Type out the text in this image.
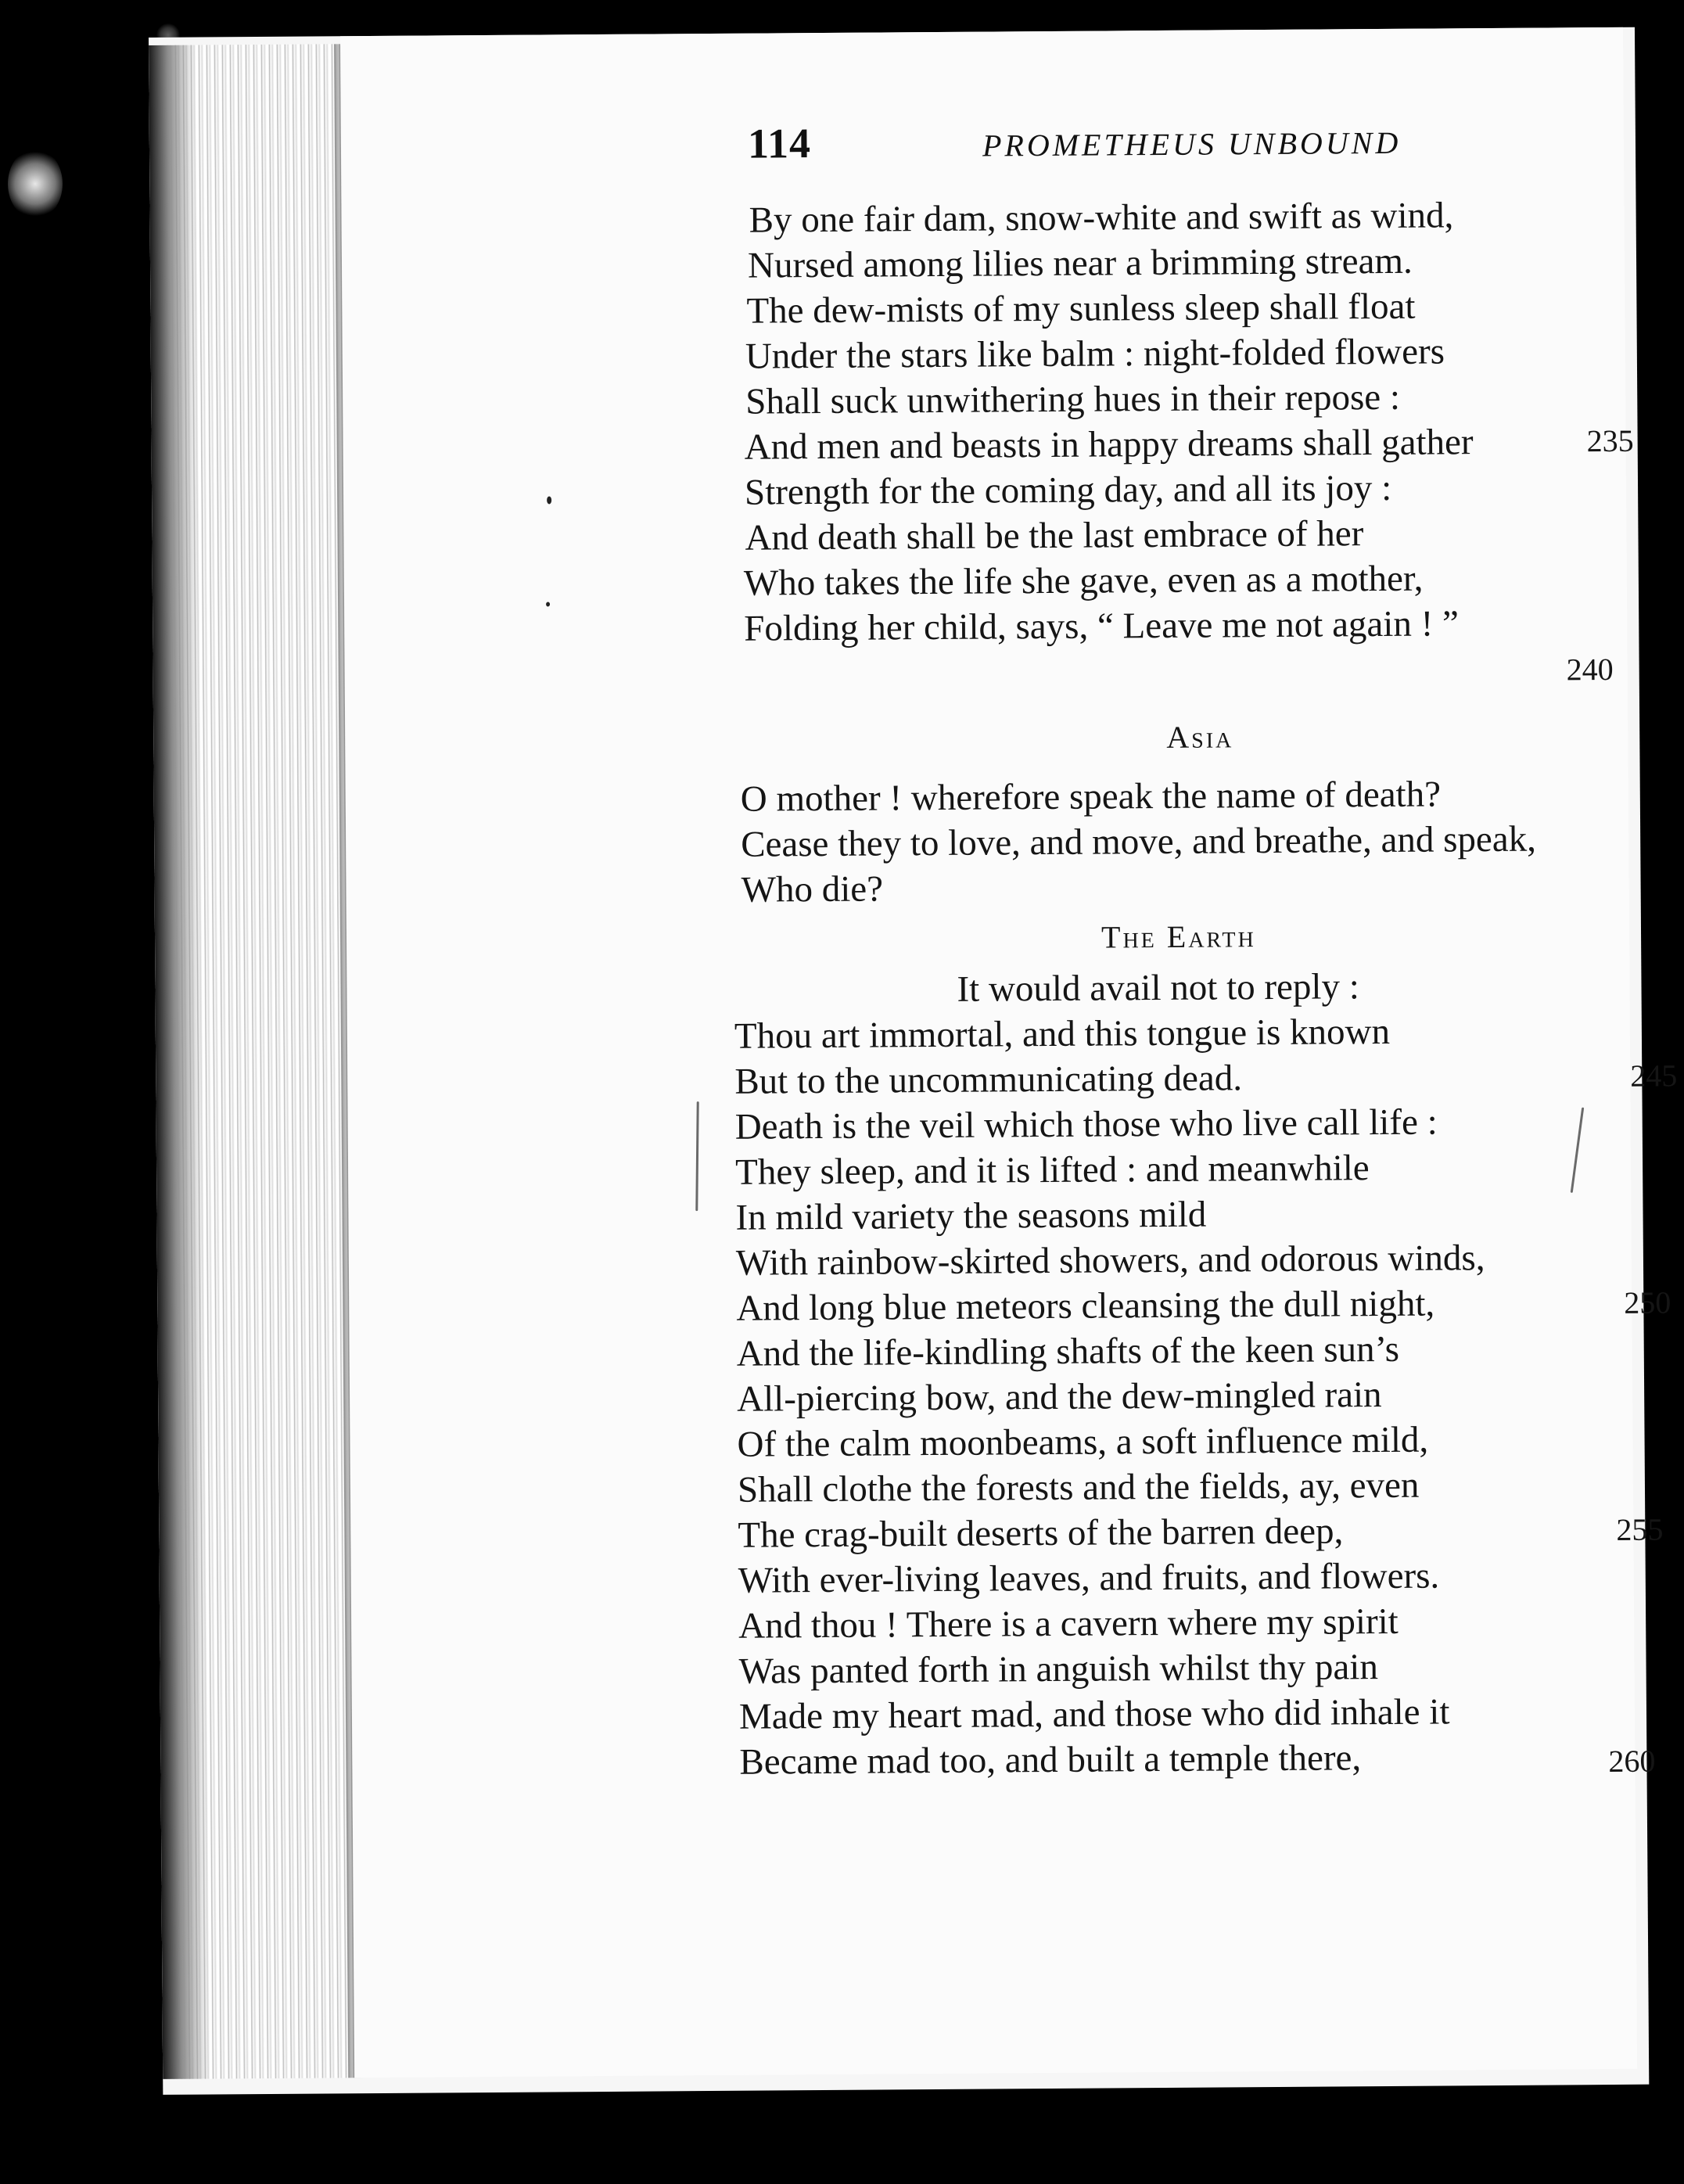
114	PROMETHEUS UNBOUND
By one fair dam, snow-white and swift as wind,
Nursed among lilies near a brimming stream.
The dew-mists of my sunless sleep shall float
Under the stars like balm : night-folded flowers
Shall suck unwithering hues in their repose :
And men and beasts in happy dreams shall gather
Strength for the coming day, and all its joy :
And death shall be the last embrace of her
Who takes the life she gave, even as a mother,
Folding her child, says, “ Leave me not again ! ”
235
240
Asia
O mother ! wherefore speak the name of death?
Cease they to love, and move, and breathe, and speak,
Who die?
The Earth
It would avail not to reply :
Thou art immortal, and this tongue is known
But to the uncommunicating dead.
Death is the veil which those who live call life :
They sleep, and it is lifted : and meanwhile
In mild variety the seasons mild
With rainbow-skirted showers, and odorous winds,
And long blue meteors cleansing the dull night,
And the life-kindling shafts of the keen sun’s
All-piercing bow, and the dew-mingled rain
Of the calm moonbeams, a soft influence mild,
Shall clothe the forests and the fields, ay, even
The crag-built deserts of the barren deep,
With ever-living leaves, and fruits, and flowers.
And thou ! There is a cavern where my spirit
Was panted forth in anguish whilst thy pain
Made my heart mad, and those who did inhale it
Became mad too, and built a temple there,
245
250
255
260
